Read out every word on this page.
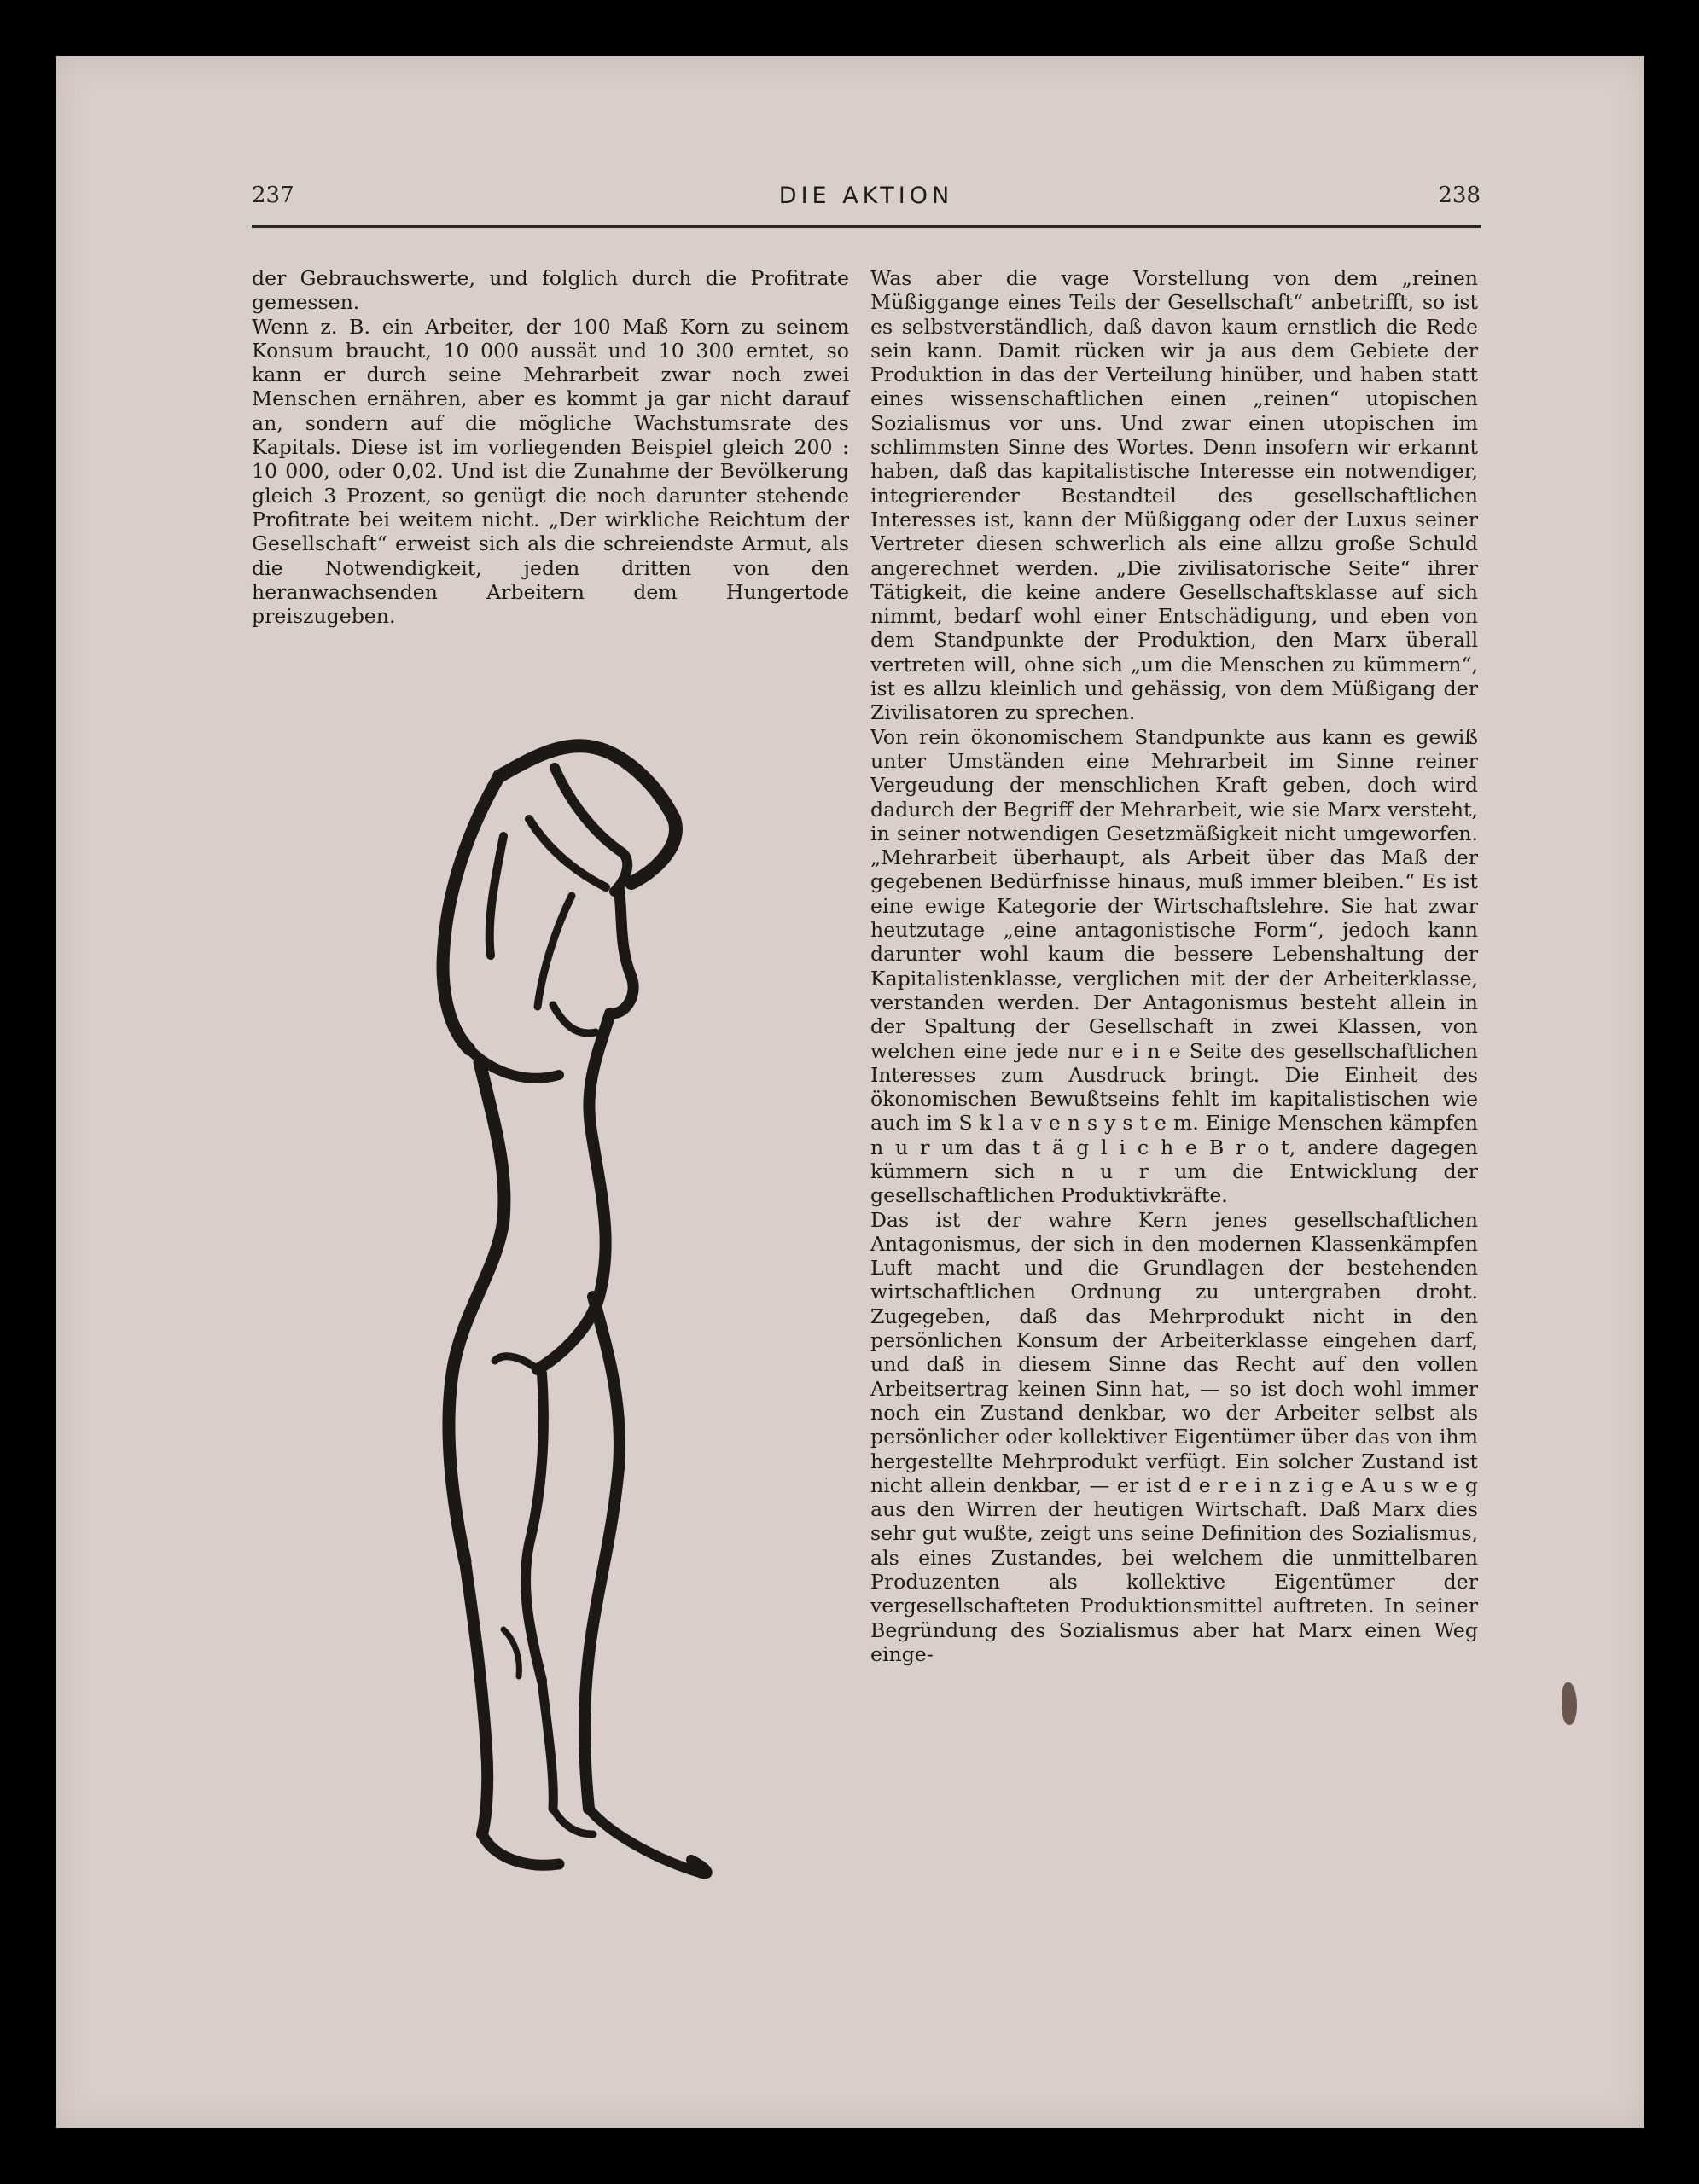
237	DIE AKTION	238

der Gebrauchswerte, und folglich durch die Profitrate gemessen.

Wenn z. B. ein Arbeiter, der 100 Maß Korn zu seinem Konsum braucht, 10 000 aussät und 10 300 erntet, so kann er durch seine Mehrarbeit zwar noch zwei Menschen ernähren, aber es kommt ja gar nicht darauf an, sondern auf die mögliche Wachstumsrate des Kapitals. Diese ist im vorliegenden Beispiel gleich 200 : 10 000, oder 0,02. Und ist die Zunahme der Bevölkerung gleich 3 Prozent, so genügt die noch darunter stehende Profitrate bei weitem nicht. „Der wirkliche Reichtum der Gesellschaft“ erweist sich als die schreiendste Armut, als die Notwendigkeit, jeden dritten von den heranwachsenden Arbeitern dem Hungertode preiszugeben.

Was aber die vage Vorstellung von dem „reinen Müßiggange eines Teils der Gesellschaft“ anbetrifft, so ist es selbstverständlich, daß davon kaum ernstlich die Rede sein kann. Damit rücken wir ja aus dem Gebiete der Produktion in das der Verteilung hinüber, und haben statt eines wissenschaftlichen einen „reinen“ utopischen Sozialismus vor uns. Und zwar einen utopischen im schlimmsten Sinne des Wortes. Denn insofern wir erkannt haben, daß das kapitalistische Interesse ein notwendiger, integrierender Bestandteil des gesellschaftlichen Interesses ist, kann der Müßiggang oder der Luxus seiner Vertreter diesen schwerlich als eine allzu große Schuld angerechnet werden. „Die zivilisatorische Seite“ ihrer Tätigkeit, die keine andere Gesellschaftsklasse auf sich nimmt, bedarf wohl einer Entschädigung, und eben von dem Standpunkte der Produktion, den Marx überall vertreten will, ohne sich „um die Menschen zu kümmern“, ist es allzu kleinlich und gehässig, von dem Müßigang der Zivilisatoren zu sprechen.

Von rein ökonomischem Standpunkte aus kann es gewiß unter Umständen eine Mehrarbeit im Sinne reiner Vergeudung der menschlichen Kraft geben, doch wird dadurch der Begriff der Mehrarbeit, wie sie Marx versteht, in seiner notwendigen Gesetzmäßigkeit nicht umgeworfen. „Mehrarbeit überhaupt, als Arbeit über das Maß der gegebenen Bedürfnisse hinaus, muß immer bleiben.“ Es ist eine ewige Kategorie der Wirtschaftslehre. Sie hat zwar heutzutage „eine antagonistische Form“, jedoch kann darunter wohl kaum die bessere Lebenshaltung der Kapitalistenklasse, verglichen mit der der Arbeiterklasse, verstanden werden. Der Antagonismus besteht allein in der Spaltung der Gesellschaft in zwei Klassen, von welchen eine jede nur e i n e Seite des gesellschaftlichen Interesses zum Ausdruck bringt. Die Einheit des ökonomischen Bewußtseins fehlt im kapitalistischen wie auch im S k l a v e n s y s t e m. Einige Menschen kämpfen n u r um das t ä g l i c h e B r o t, andere dagegen kümmern sich n u r um die Entwicklung der gesellschaftlichen Produktivkräfte.

Das ist der wahre Kern jenes gesellschaftlichen Antagonismus, der sich in den modernen Klassenkämpfen Luft macht und die Grundlagen der bestehenden wirtschaftlichen Ordnung zu untergraben droht. Zugegeben, daß das Mehrprodukt nicht in den persönlichen Konsum der Arbeiterklasse eingehen darf, und daß in diesem Sinne das Recht auf den vollen Arbeitsertrag keinen Sinn hat, — so ist doch wohl immer noch ein Zustand denkbar, wo der Arbeiter selbst als persönlicher oder kollektiver Eigentümer über das von ihm hergestellte Mehrprodukt verfügt. Ein solcher Zustand ist nicht allein denkbar, — er ist d e r e i n z i g e A u s w e g aus den Wirren der heutigen Wirtschaft. Daß Marx dies sehr gut wußte, zeigt uns seine Definition des Sozialismus, als eines Zustandes, bei welchem die unmittelbaren Produzenten als kollektive Eigentümer der vergesellschafteten Produktionsmittel auftreten. In seiner Begründung des Sozialismus aber hat Marx einen Weg einge-
